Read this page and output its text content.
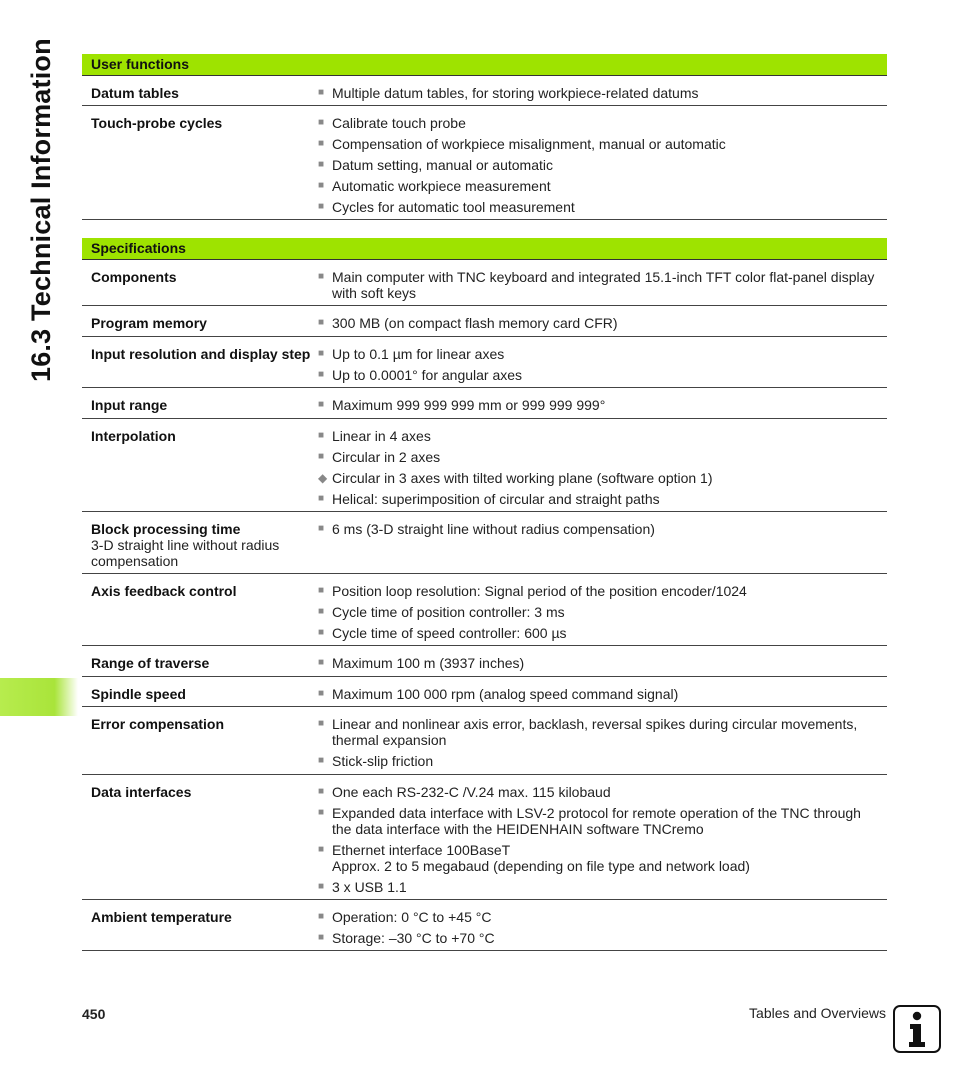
16.3 Technical Information	User functions
Datum tables	■ Multiple datum tables, for storing workpiece-related datums
Touch-probe cycles	■ Calibrate touch probe
■ Compensation of workpiece misalignment, manual or automatic
■ Datum setting, manual or automatic
■ Automatic workpiece measurement
■ Cycles for automatic tool measurement
Specifications
Components	■ Main computer with TNC keyboard and integrated 15.1-inch TFT color flat-panel display with soft keys
Program memory	■ 300 MB (on compact flash memory card CFR)
Input resolution and display step ■ Up to 0.1 µm for linear axes
■ Up to 0.0001° for angular axes
Input range	■ Maximum 999 999 999 mm or 999 999 999°
Interpolation	■ Linear in 4 axes
■ Circular in 2 axes
◆ Circular in 3 axes with tilted working plane (software option 1)
■ Helical: superimposition of circular and straight paths
Block processing time
3-D straight line without radius compensation
■ 6 ms (3-D straight line without radius compensation)
Axis feedback control	■ Position loop resolution: Signal period of the position encoder/1024
■ Cycle time of position controller: 3 ms
■ Cycle time of speed controller: 600 µs
Range of traverse	■ Maximum 100 m (3937 inches)
Spindle speed	■ Maximum 100 000 rpm (analog speed command signal)
Error compensation	■ Linear and nonlinear axis error, backlash, reversal spikes during circular movements, thermal expansion
■ Stick-slip friction
Data interfaces	■ One each RS-232-C /V.24 max. 115 kilobaud
■ Expanded data interface with LSV-2 protocol for remote operation of the TNC through the data interface with the HEIDENHAIN software TNCremo
■ Ethernet interface 100BaseT
Approx. 2 to 5 megabaud (depending on file type and network load)
■ 3 x USB 1.1
Ambient temperature	■ Operation: 0 °C to +45 °C
■ Storage: –30 °C to +70 °C
450	Tables and Overviews
